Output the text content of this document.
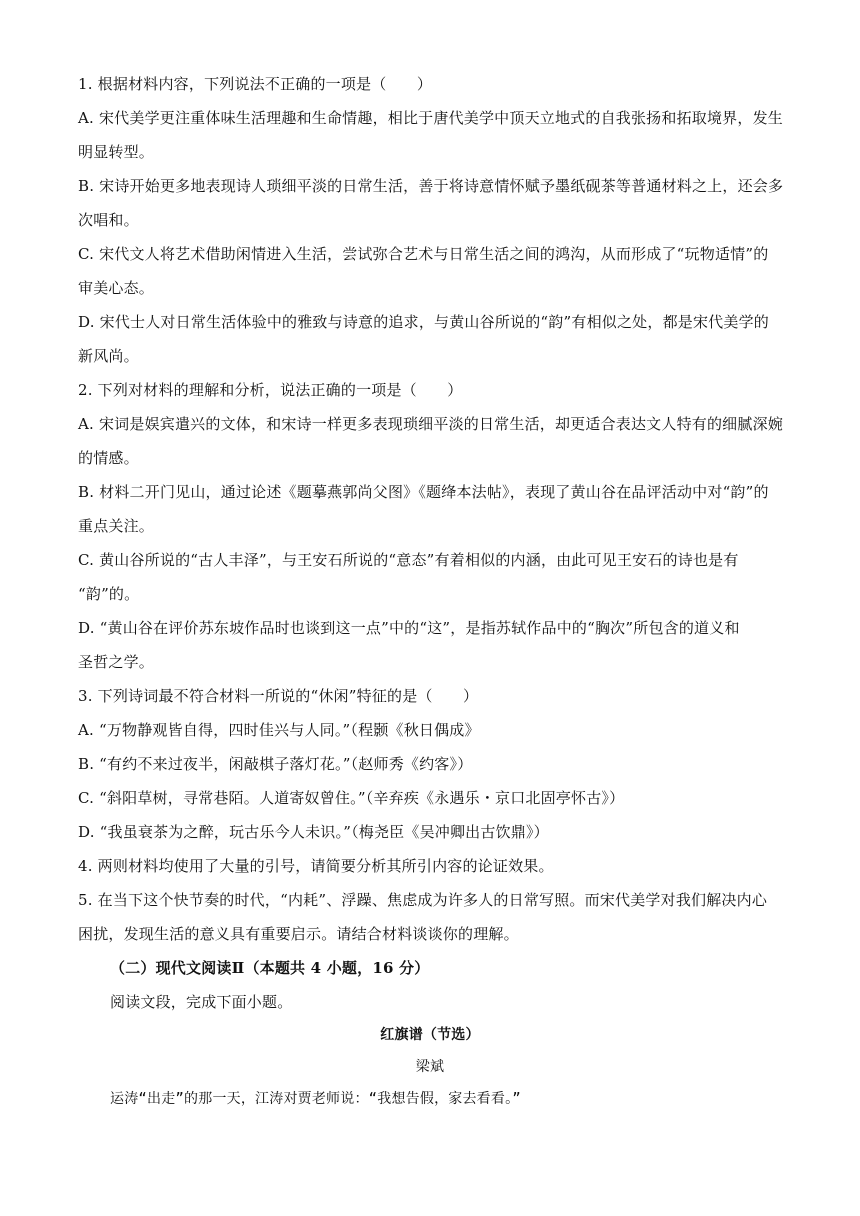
1. 根据材料内容，下列说法不正确的一项是（　　）
A. 宋代美学更注重体味生活理趣和生命情趣，相比于唐代美学中顶天立地式的自我张扬和拓取境界，发生
明显转型。
B. 宋诗开始更多地表现诗人琐细平淡的日常生活，善于将诗意情怀赋予墨纸砚茶等普通材料之上，还会多
次唱和。
C. 宋代文人将艺术借助闲情进入生活，尝试弥合艺术与日常生活之间的鸿沟，从而形成了“玩物适情”的
审美心态。
D. 宋代士人对日常生活体验中的雅致与诗意的追求，与黄山谷所说的“韵”有相似之处，都是宋代美学的
新风尚。
2. 下列对材料的理解和分析，说法正确的一项是（　　）
A. 宋词是娱宾遣兴的文体，和宋诗一样更多表现琐细平淡的日常生活，却更适合表达文人特有的细腻深婉
的情感。
B. 材料二开门见山，通过论述《题摹燕郭尚父图》《题绛本法帖》，表现了黄山谷在品评活动中对“韵”的
重点关注。
C. 黄山谷所说的“古人丰泽”，与王安石所说的“意态”有着相似的内涵，由此可见王安石的诗也是有
“韵”的。
D. “黄山谷在评价苏东坡作品时也谈到这一点”中的“这”，是指苏轼作品中的“胸次”所包含的道义和
圣哲之学。
3. 下列诗词最不符合材料一所说的“休闲”特征的是（　　）
A. “万物静观皆自得，四时佳兴与人同。”（程颢《秋日偶成》
B. “有约不来过夜半，闲敲棋子落灯花。”（赵师秀《约客》）
C. “斜阳草树，寻常巷陌。人道寄奴曾住。”（辛弃疾《永遇乐・京口北固亭怀古》）
D. “我虽衰茶为之醉，玩古乐今人未识。”（梅尧臣《吴冲卿出古饮鼎》）
4. 两则材料均使用了大量的引号，请简要分析其所引内容的论证效果。
5. 在当下这个快节奏的时代，“内耗”、浮躁、焦虑成为许多人的日常写照。而宋代美学对我们解决内心
困扰，发现生活的意义具有重要启示。请结合材料谈谈你的理解。
（二）现代文阅读Ⅱ（本题共 4 小题，16 分）
阅读文段，完成下面小题。
红旗谱（节选）
梁斌
运涛“出走”的那一天，江涛对贾老师说：“我想告假，家去看看。”
